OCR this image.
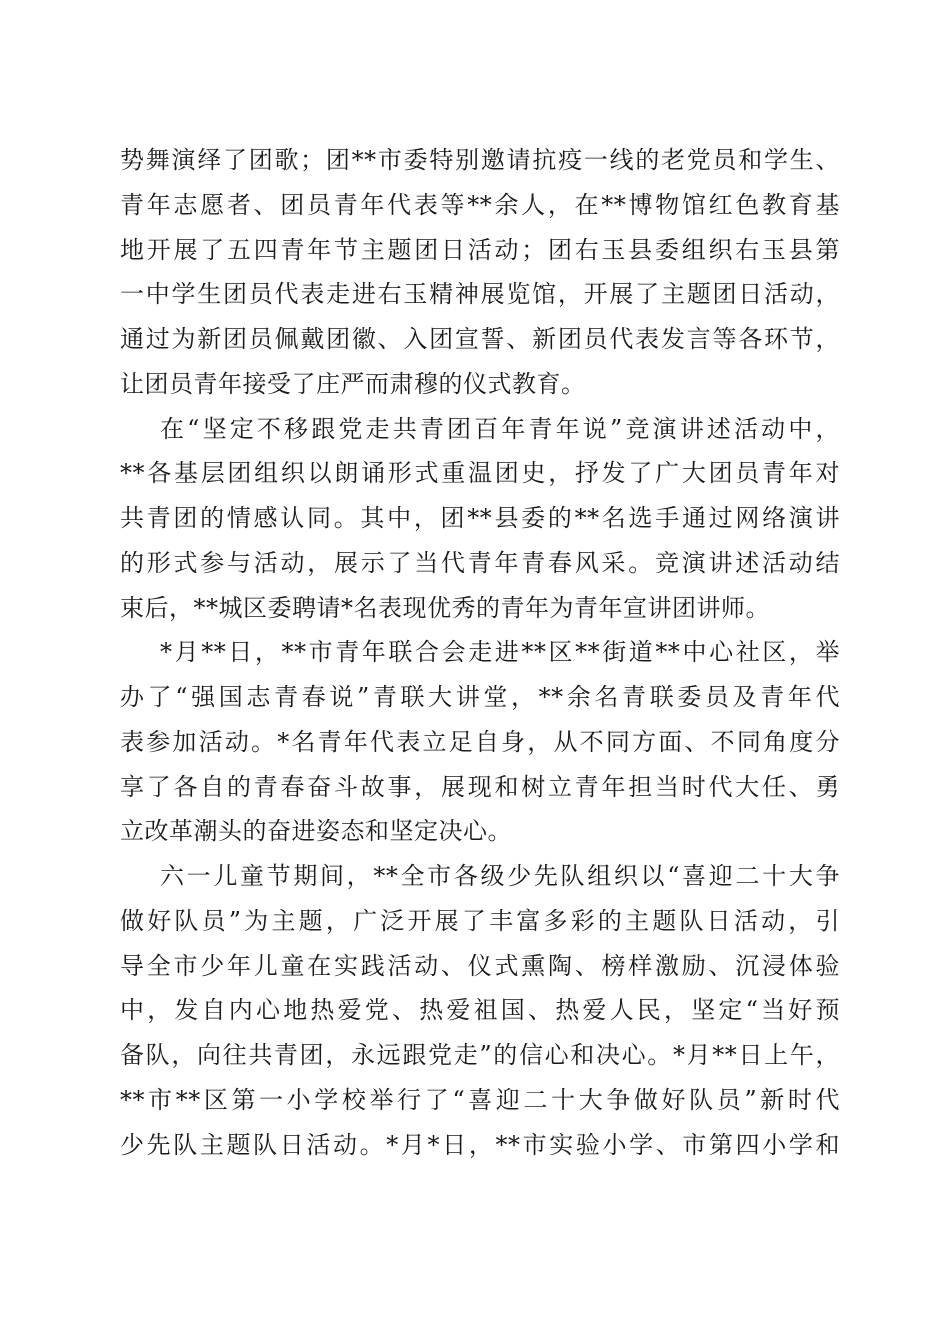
势舞演绎了团歌；团**市委特别邀请抗疫一线的老党员和学生、
青年志愿者、团员青年代表等**余人，在**博物馆红色教育基
地开展了五四青年节主题团日活动；团右玉县委组织右玉县第
一中学生团员代表走进右玉精神展览馆，开展了主题团日活动，
通过为新团员佩戴团徽、入团宣誓、新团员代表发言等各环节，
让团员青年接受了庄严而肃穆的仪式教育。
在“坚定不移跟党走共青团百年青年说”竞演讲述活动中，
**各基层团组织以朗诵形式重温团史，抒发了广大团员青年对
共青团的情感认同。其中，团**县委的**名选手通过网络演讲
的形式参与活动，展示了当代青年青春风采。竞演讲述活动结
束后，**城区委聘请*名表现优秀的青年为青年宣讲团讲师。
*月**日，**市青年联合会走进**区**街道**中心社区，举
办了“强国志青春说”青联大讲堂，**余名青联委员及青年代
表参加活动。*名青年代表立足自身，从不同方面、不同角度分
享了各自的青春奋斗故事，展现和树立青年担当时代大任、勇
立改革潮头的奋进姿态和坚定决心。
六一儿童节期间，**全市各级少先队组织以“喜迎二十大争
做好队员”为主题，广泛开展了丰富多彩的主题队日活动，引
导全市少年儿童在实践活动、仪式熏陶、榜样激励、沉浸体验
中，发自内心地热爱党、热爱祖国、热爱人民，坚定“当好预
备队，向往共青团，永远跟党走”的信心和决心。*月**日上午，
**市**区第一小学校举行了“喜迎二十大争做好队员”新时代
少先队主题队日活动。*月*日，**市实验小学、市第四小学和
